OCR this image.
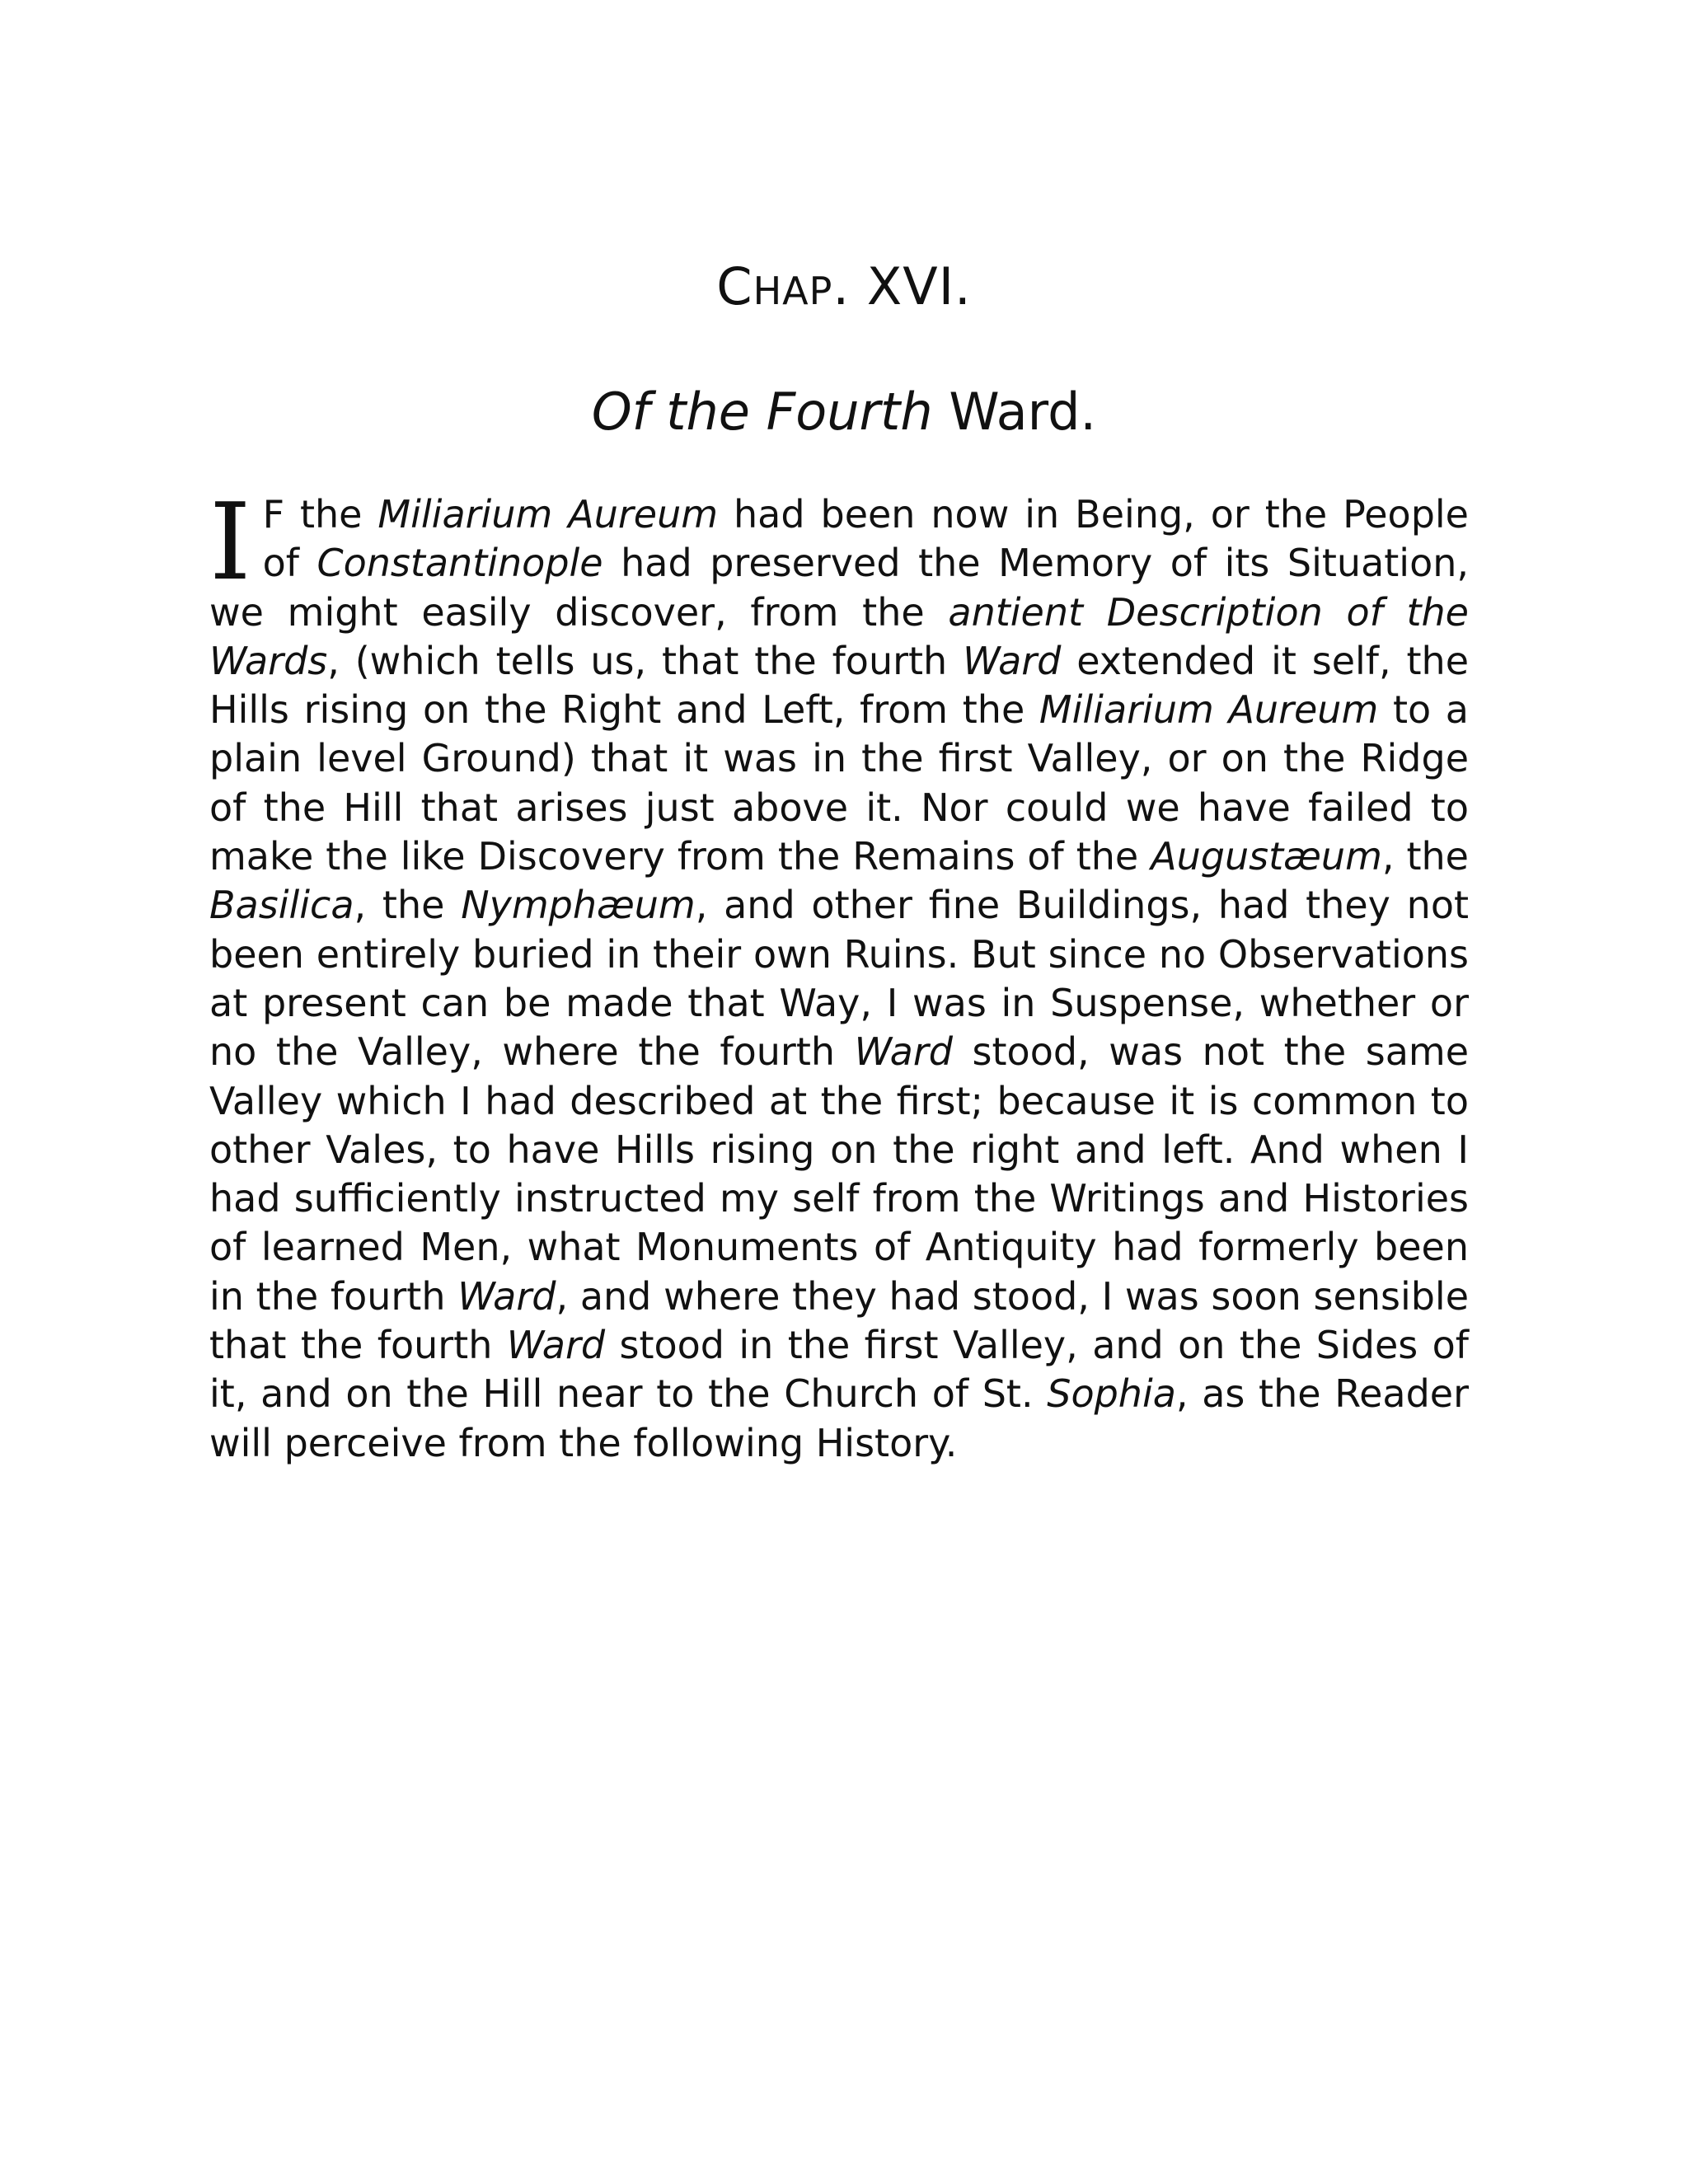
CHAP. XVI.
Of the Fourth Ward.

I F the Miliarium Aureum had been now in Being, or the People of Constantinople had preserved the Memory of its Situation, we might easily discover, from the antient Description of the Wards, (which tells us, that the fourth Ward extended it self, the Hills rising on the Right and Left, from the Miliarium Aureum to a plain level Ground) that it was in the first Valley, or on the Ridge of the Hill that arises just above it. Nor could we have failed to make the like Discovery from the Remains of the Augustæum, the Basilica, the Nymphæum, and other fine Buildings, had they not been entirely buried in their own Ruins. But since no Observations at present can be made that Way, I was in Suspense, whether or no the Valley, where the fourth Ward stood, was not the same Valley which I had described at the first; because it is common to other Vales, to have Hills rising on the right and left. And when I had sufficiently instructed my self from the Writings and Histories of learned Men, what Monuments of Antiquity had formerly been in the fourth Ward, and where they had stood, I was soon sensible that the fourth Ward stood in the first Valley, and on the Sides of it, and on the Hill near to the Church of St. Sophia, as the Reader will perceive from the following History.
